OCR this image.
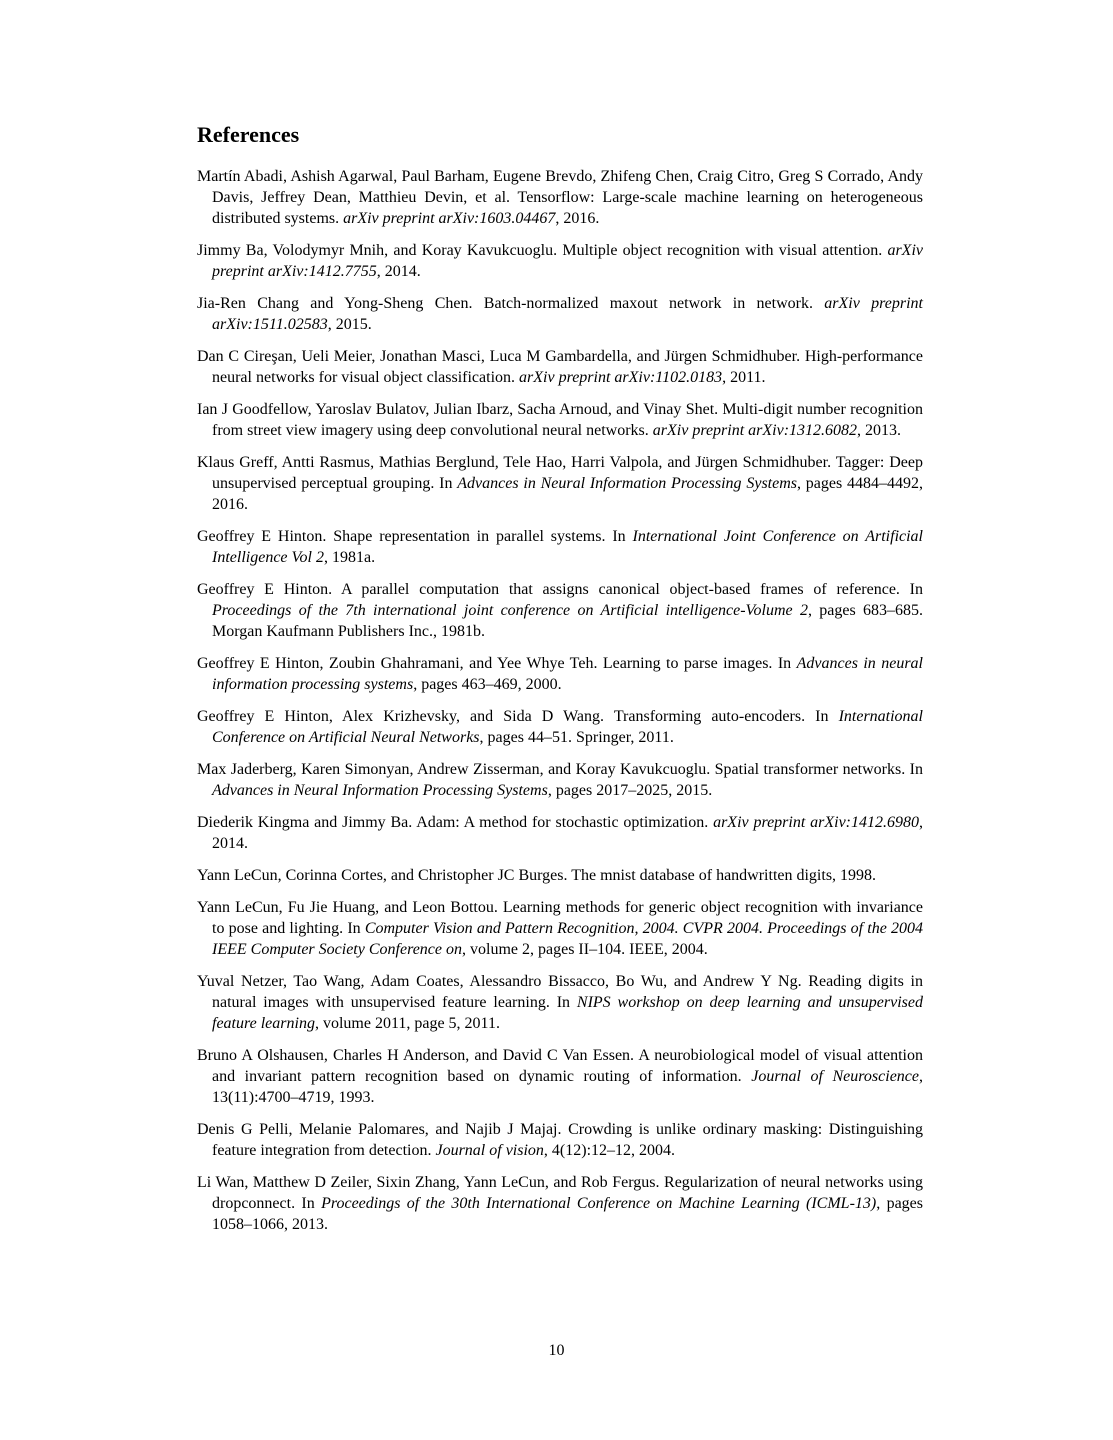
References

Martín Abadi, Ashish Agarwal, Paul Barham, Eugene Brevdo, Zhifeng Chen, Craig Citro, Greg S Corrado, Andy Davis, Jeffrey Dean, Matthieu Devin, et al. Tensorflow: Large-scale machine learning on heterogeneous distributed systems. arXiv preprint arXiv:1603.04467, 2016.

Jimmy Ba, Volodymyr Mnih, and Koray Kavukcuoglu. Multiple object recognition with visual attention. arXiv preprint arXiv:1412.7755, 2014.

Jia-Ren Chang and Yong-Sheng Chen. Batch-normalized maxout network in network. arXiv preprint arXiv:1511.02583, 2015.

Dan C Cireşan, Ueli Meier, Jonathan Masci, Luca M Gambardella, and Jürgen Schmidhuber. High-performance neural networks for visual object classification. arXiv preprint arXiv:1102.0183, 2011.

Ian J Goodfellow, Yaroslav Bulatov, Julian Ibarz, Sacha Arnoud, and Vinay Shet. Multi-digit number recognition from street view imagery using deep convolutional neural networks. arXiv preprint arXiv:1312.6082, 2013.

Klaus Greff, Antti Rasmus, Mathias Berglund, Tele Hao, Harri Valpola, and Jürgen Schmidhuber. Tagger: Deep unsupervised perceptual grouping. In Advances in Neural Information Processing Systems, pages 4484–4492, 2016.

Geoffrey E Hinton. Shape representation in parallel systems. In International Joint Conference on Artificial Intelligence Vol 2, 1981a.

Geoffrey E Hinton. A parallel computation that assigns canonical object-based frames of reference. In Proceedings of the 7th international joint conference on Artificial intelligence-Volume 2, pages 683–685. Morgan Kaufmann Publishers Inc., 1981b.

Geoffrey E Hinton, Zoubin Ghahramani, and Yee Whye Teh. Learning to parse images. In Advances in neural information processing systems, pages 463–469, 2000.

Geoffrey E Hinton, Alex Krizhevsky, and Sida D Wang. Transforming auto-encoders. In International Conference on Artificial Neural Networks, pages 44–51. Springer, 2011.

Max Jaderberg, Karen Simonyan, Andrew Zisserman, and Koray Kavukcuoglu. Spatial transformer networks. In Advances in Neural Information Processing Systems, pages 2017–2025, 2015.

Diederik Kingma and Jimmy Ba. Adam: A method for stochastic optimization. arXiv preprint arXiv:1412.6980, 2014.

Yann LeCun, Corinna Cortes, and Christopher JC Burges. The mnist database of handwritten digits, 1998.

Yann LeCun, Fu Jie Huang, and Leon Bottou. Learning methods for generic object recognition with invariance to pose and lighting. In Computer Vision and Pattern Recognition, 2004. CVPR 2004. Proceedings of the 2004 IEEE Computer Society Conference on, volume 2, pages II–104. IEEE, 2004.

Yuval Netzer, Tao Wang, Adam Coates, Alessandro Bissacco, Bo Wu, and Andrew Y Ng. Reading digits in natural images with unsupervised feature learning. In NIPS workshop on deep learning and unsupervised feature learning, volume 2011, page 5, 2011.

Bruno A Olshausen, Charles H Anderson, and David C Van Essen. A neurobiological model of visual attention and invariant pattern recognition based on dynamic routing of information. Journal of Neuroscience, 13(11):4700–4719, 1993.

Denis G Pelli, Melanie Palomares, and Najib J Majaj. Crowding is unlike ordinary masking: Distinguishing feature integration from detection. Journal of vision, 4(12):12–12, 2004.

Li Wan, Matthew D Zeiler, Sixin Zhang, Yann LeCun, and Rob Fergus. Regularization of neural networks using dropconnect. In Proceedings of the 30th International Conference on Machine Learning (ICML-13), pages 1058–1066, 2013.

10
